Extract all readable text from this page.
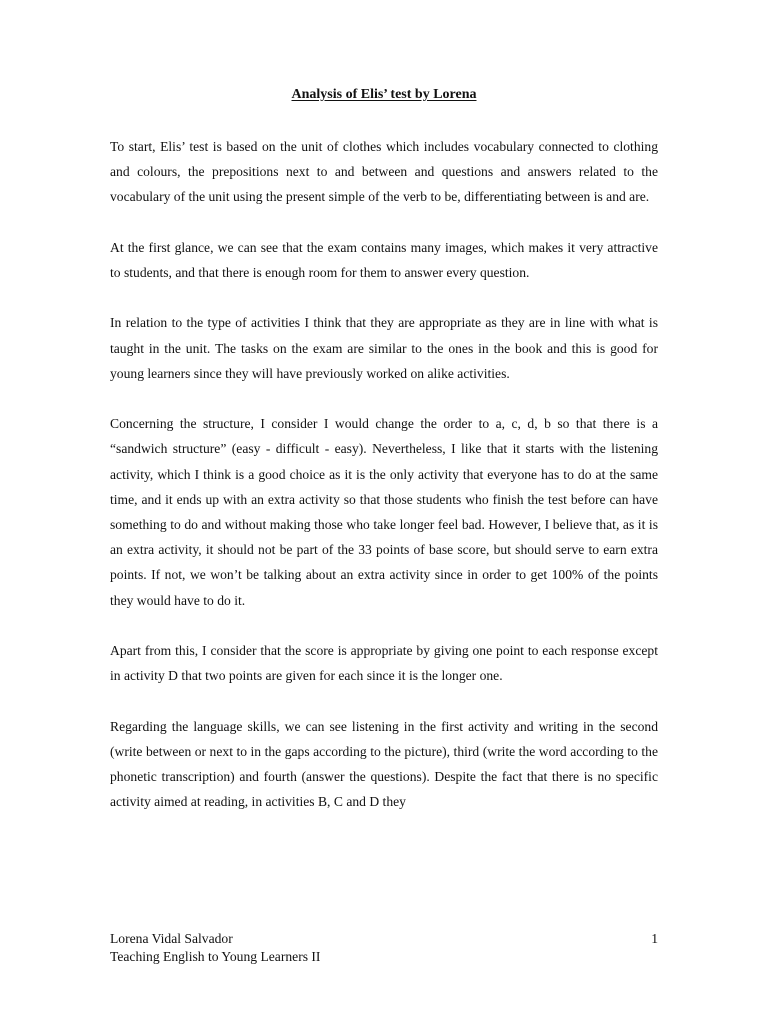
Analysis of Elis’ test by Lorena

To start, Elis’ test is based on the unit of clothes which includes vocabulary connected to clothing and colours, the prepositions next to and between and questions and answers related to the vocabulary of the unit using the present simple of the verb to be, differentiating between is and are.

At the first glance, we can see that the exam contains many images, which makes it very attractive to students, and that there is enough room for them to answer every question.

In relation to the type of activities I think that they are appropriate as they are in line with what is taught in the unit. The tasks on the exam are similar to the ones in the book and this is good for young learners since they will have previously worked on alike activities.

Concerning the structure, I consider I would change the order to a, c, d, b so that there is a “sandwich structure” (easy - difficult - easy). Nevertheless, I like that it starts with the listening activity, which I think is a good choice as it is the only activity that everyone has to do at the same time, and it ends up with an extra activity so that those students who finish the test before can have something to do and without making those who take longer feel bad. However, I believe that, as it is an extra activity, it should not be part of the 33 points of base score, but should serve to earn extra points. If not, we won’t be talking about an extra activity since in order to get 100% of the points they would have to do it.

Apart from this, I consider that the score is appropriate by giving one point to each response except in activity D that two points are given for each since it is the longer one.

Regarding the language skills, we can see listening in the first activity and writing in the second (write between or next to in the gaps according to the picture), third (write the word according to the phonetic transcription) and fourth (answer the questions). Despite the fact that there is no specific activity aimed at reading, in activities B, C and D they

Lorena Vidal Salvador
Teaching English to Young Learners II
1
